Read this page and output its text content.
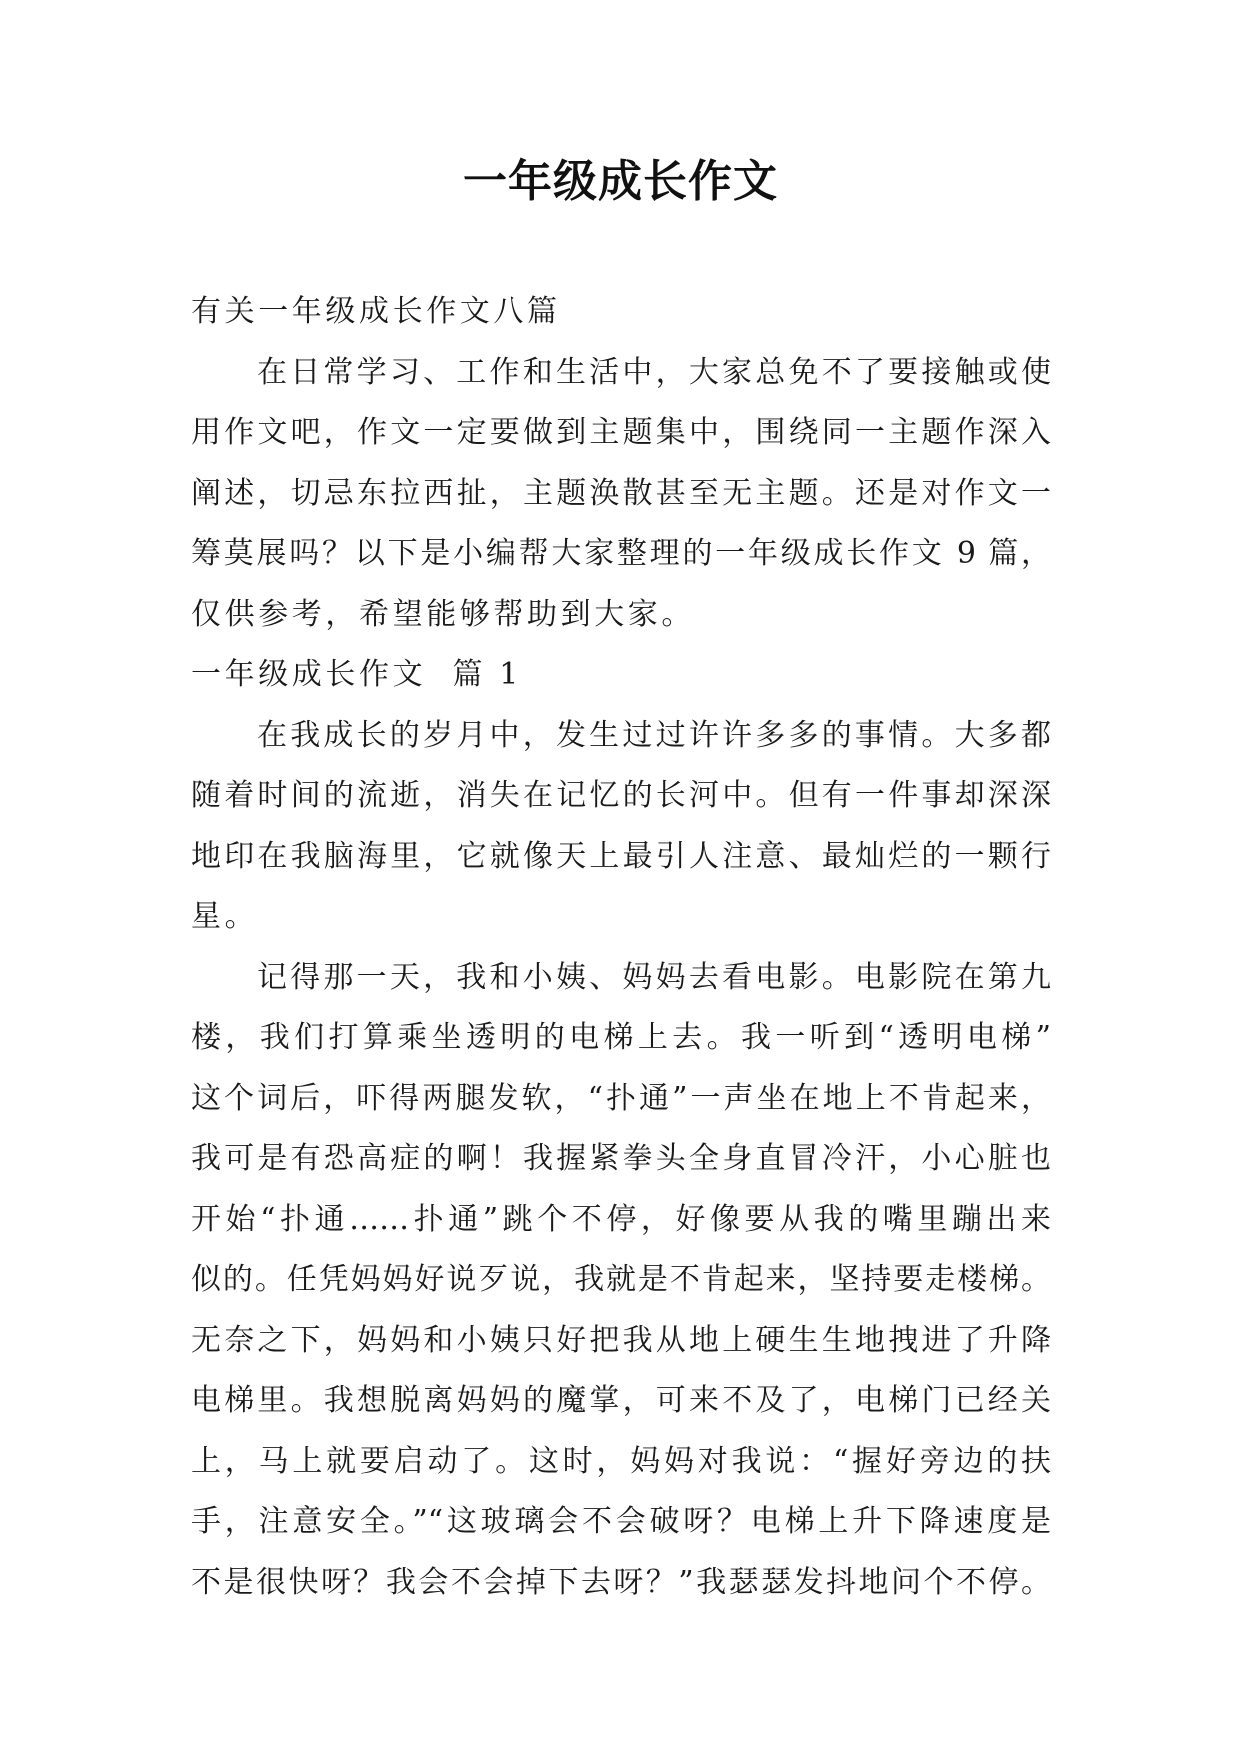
一年级成长作文
有关一年级成长作文八篇
在日常学习、工作和生活中，大家总免不了要接触或使
用作文吧，作文一定要做到主题集中，围绕同一主题作深入
阐述，切忌东拉西扯，主题涣散甚至无主题。还是对作文一
筹莫展吗？以下是小编帮大家整理的一年级成长作文 9 篇，
仅供参考，希望能够帮助到大家。
一年级成长作文  篇 1
在我成长的岁月中，发生过过许许多多的事情。大多都
随着时间的流逝，消失在记忆的长河中。但有一件事却深深
地印在我脑海里，它就像天上最引人注意、最灿烂的一颗行
星。
记得那一天，我和小姨、妈妈去看电影。电影院在第九
楼，我们打算乘坐透明的电梯上去。我一听到“透明电梯”
这个词后，吓得两腿发软，“扑通”一声坐在地上不肯起来，
我可是有恐高症的啊！我握紧拳头全身直冒冷汗，小心脏也
开始“扑通……扑通”跳个不停，好像要从我的嘴里蹦出来
似的。任凭妈妈好说歹说，我就是不肯起来，坚持要走楼梯。
无奈之下，妈妈和小姨只好把我从地上硬生生地拽进了升降
电梯里。我想脱离妈妈的魔掌，可来不及了，电梯门已经关
上，马上就要启动了。这时，妈妈对我说：“握好旁边的扶
手，注意安全。”“这玻璃会不会破呀？电梯上升下降速度是
不是很快呀？我会不会掉下去呀？”我瑟瑟发抖地问个不停。
